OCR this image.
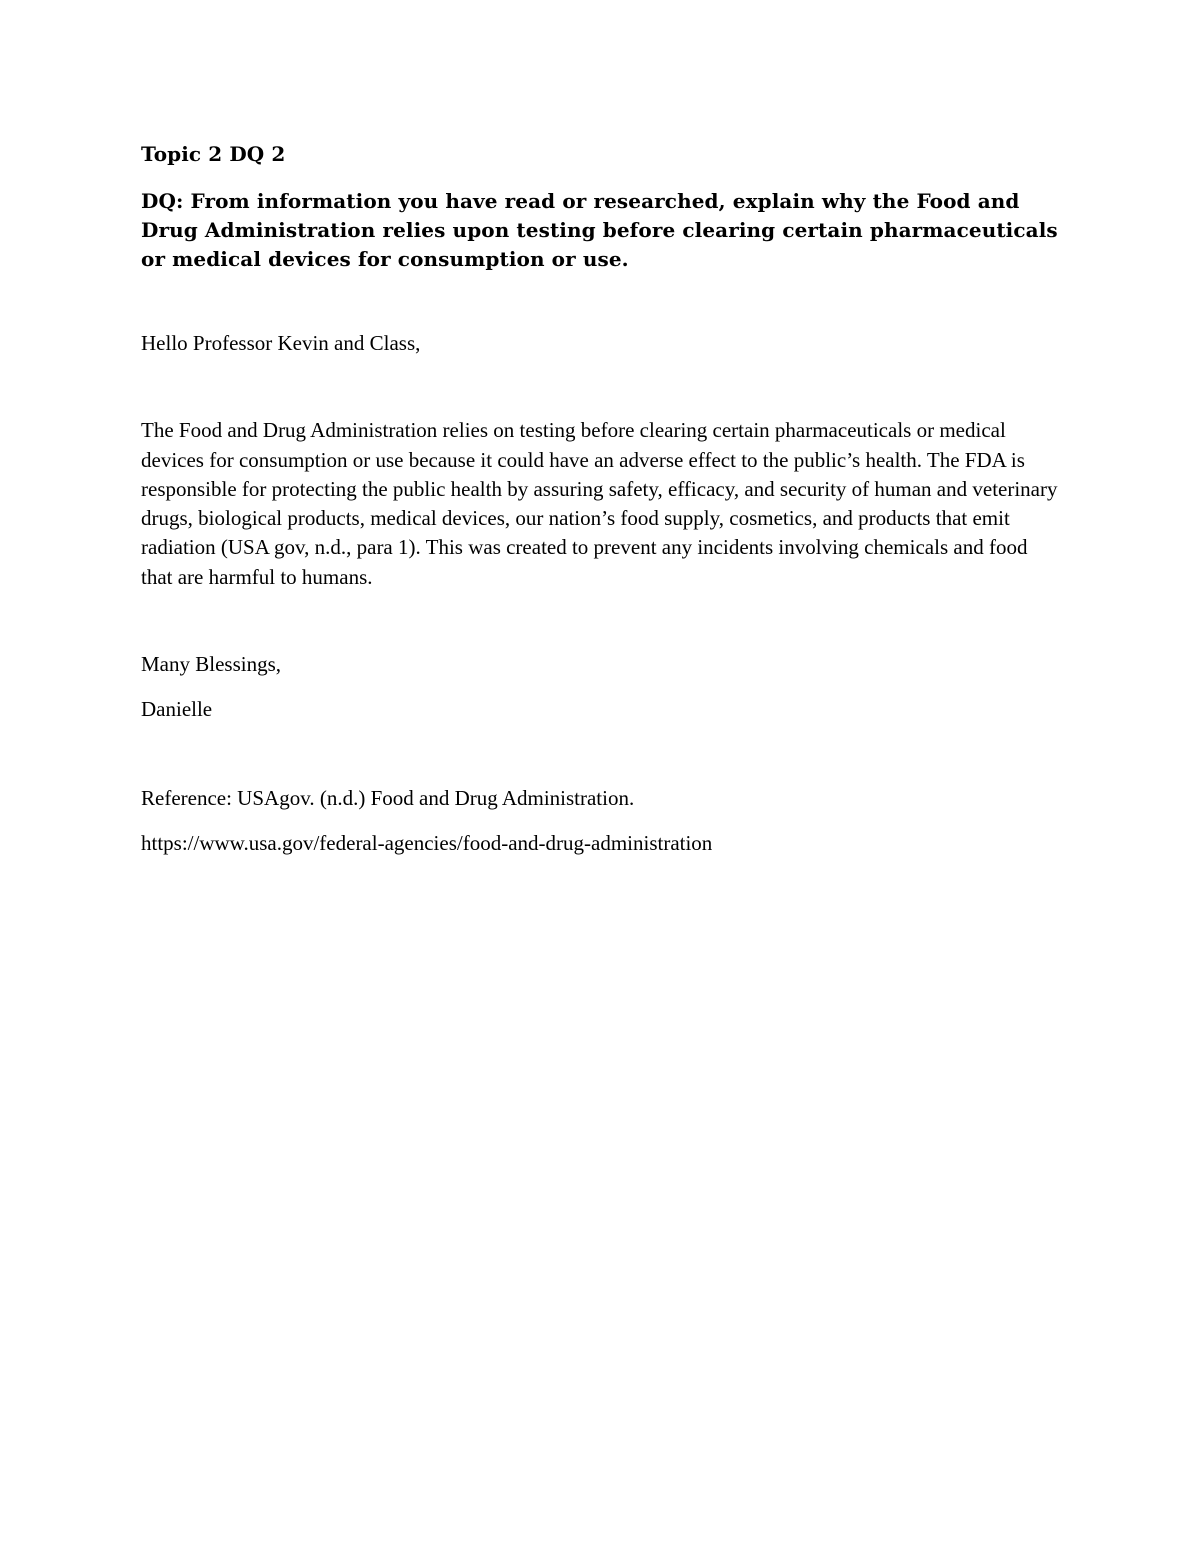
Topic 2 DQ 2

DQ: From information you have read or researched, explain why the Food and Drug Administration relies upon testing before clearing certain pharmaceuticals or medical devices for consumption or use.

Hello Professor Kevin and Class,

The Food and Drug Administration relies on testing before clearing certain pharmaceuticals or medical devices for consumption or use because it could have an adverse effect to the public’s health. The FDA is responsible for protecting the public health by assuring safety, efficacy, and security of human and veterinary drugs, biological products, medical devices, our nation’s food supply, cosmetics, and products that emit radiation (USA gov, n.d., para 1). This was created to prevent any incidents involving chemicals and food that are harmful to humans.

Many Blessings,

Danielle

Reference: USAgov. (n.d.) Food and Drug Administration.

https://www.usa.gov/federal-agencies/food-and-drug-administration
